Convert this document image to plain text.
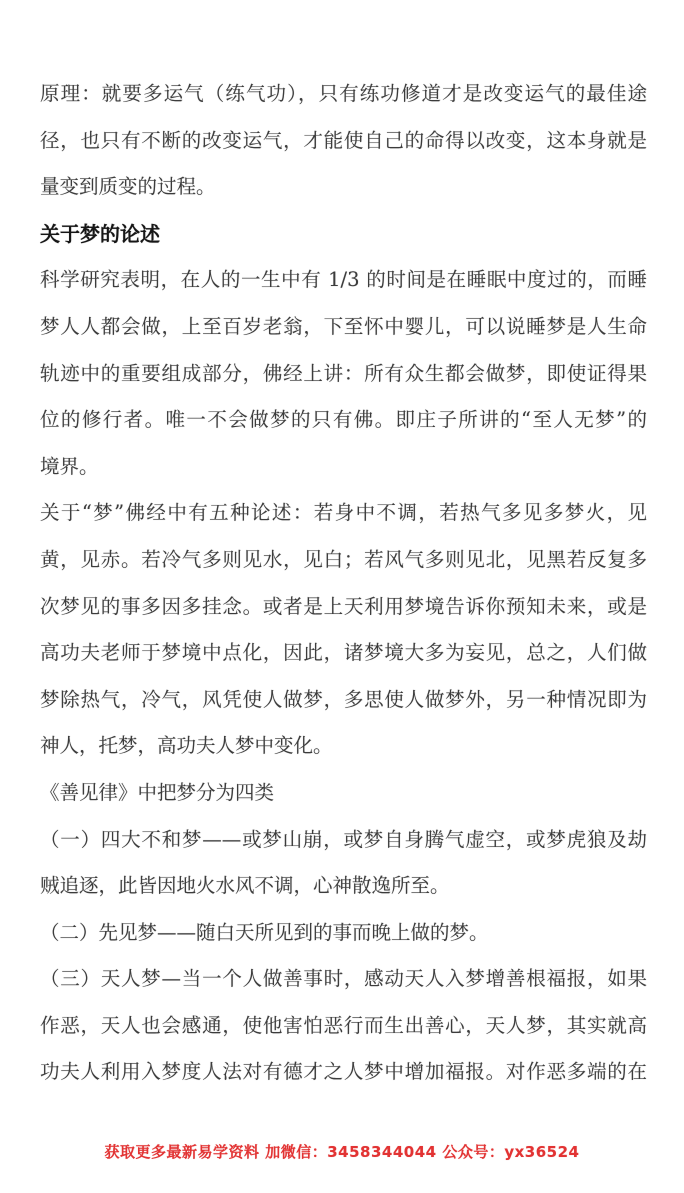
原理：就要多运气（练气功），只有练功修道才是改变运气的最佳途

径，也只有不断的改变运气，才能使自己的命得以改变，这本身就是

量变到质变的过程。

关于梦的论述

科学研究表明，在人的一生中有 1/3 的时间是在睡眠中度过的，而睡

梦人人都会做，上至百岁老翁，下至怀中婴儿，可以说睡梦是人生命

轨迹中的重要组成部分，佛经上讲：所有众生都会做梦，即使证得果

位的修行者。唯一不会做梦的只有佛。即庄子所讲的“至人无梦”的

境界。

关于“梦”佛经中有五种论述：若身中不调，若热气多见多梦火，见

黄，见赤。若冷气多则见水，见白；若风气多则见北，见黑若反复多

次梦见的事多因多挂念。或者是上天利用梦境告诉你预知未来，或是

高功夫老师于梦境中点化，因此，诸梦境大多为妄见，总之，人们做

梦除热气，冷气，风凭使人做梦，多思使人做梦外，另一种情况即为

神人，托梦，高功夫人梦中变化。

《善见律》中把梦分为四类

（一）四大不和梦——或梦山崩，或梦自身腾气虚空，或梦虎狼及劫

贼追逐，此皆因地火水风不调，心神散逸所至。

（二）先见梦——随白天所见到的事而晚上做的梦。

（三）天人梦—当一个人做善事时，感动天人入梦增善根福报，如果

作恶，天人也会感通，使他害怕恶行而生出善心，天人梦，其实就高

功夫人利用入梦度人法对有德才之人梦中增加福报。对作恶多端的在

获取更多最新易学资料 加微信：3458344044 公众号：yx36524
